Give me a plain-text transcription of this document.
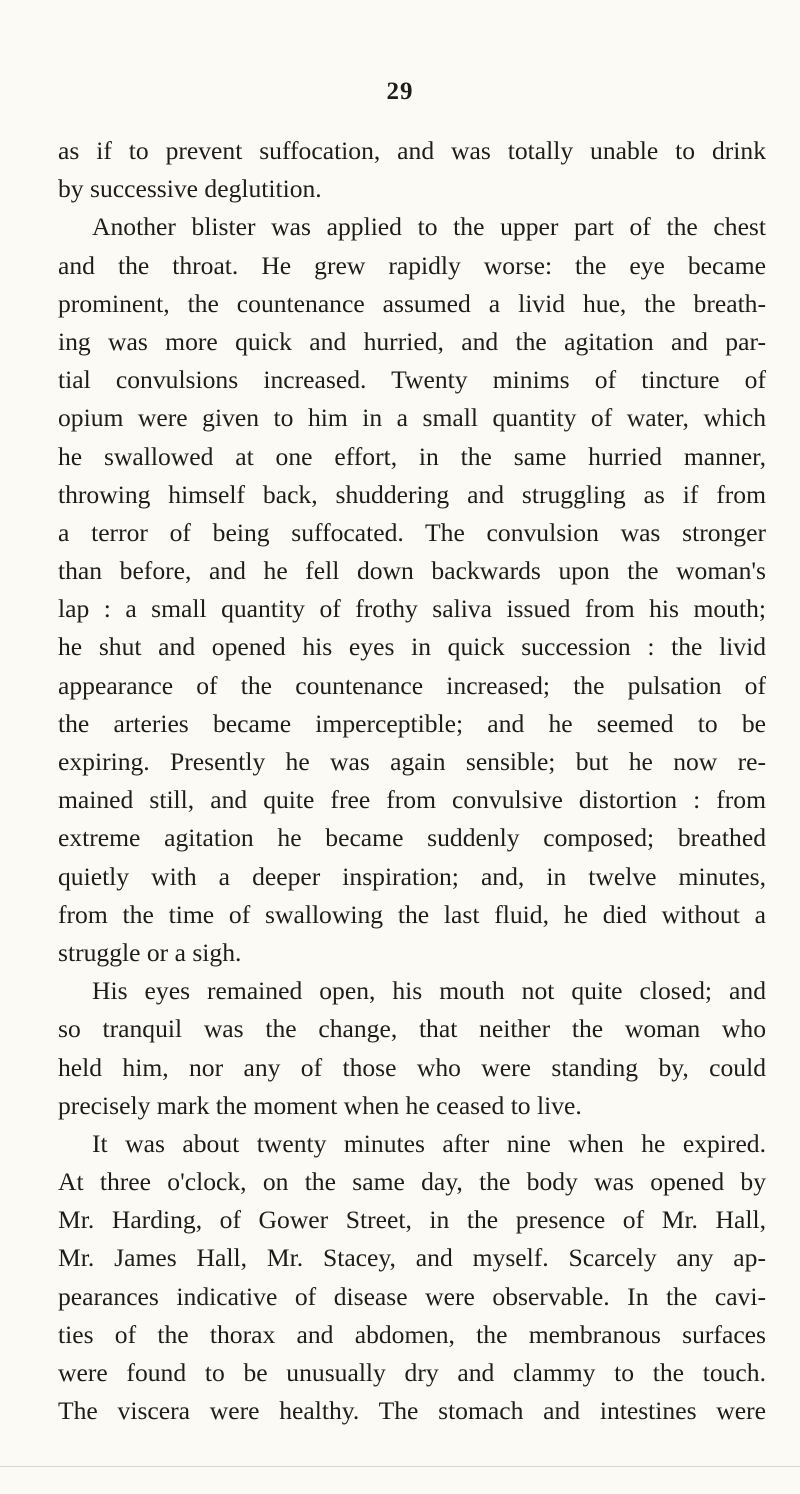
29
as if to prevent suffocation, and was totally unable to drink
by successive deglutition.
Another blister was applied to the upper part of the chest
and the throat. He grew rapidly worse: the eye became
prominent, the countenance assumed a livid hue, the breath-
ing was more quick and hurried, and the agitation and par-
tial convulsions increased. Twenty minims of tincture of
opium were given to him in a small quantity of water, which
he swallowed at one effort, in the same hurried manner,
throwing himself back, shuddering and struggling as if from
a terror of being suffocated. The convulsion was stronger
than before, and he fell down backwards upon the woman's
lap : a small quantity of frothy saliva issued from his mouth;
he shut and opened his eyes in quick succession : the livid
appearance of the countenance increased; the pulsation of
the arteries became imperceptible; and he seemed to be
expiring. Presently he was again sensible; but he now re-
mained still, and quite free from convulsive distortion : from
extreme agitation he became suddenly composed; breathed
quietly with a deeper inspiration; and, in twelve minutes,
from the time of swallowing the last fluid, he died without a
struggle or a sigh.
His eyes remained open, his mouth not quite closed; and
so tranquil was the change, that neither the woman who
held him, nor any of those who were standing by, could
precisely mark the moment when he ceased to live.
It was about twenty minutes after nine when he expired.
At three o'clock, on the same day, the body was opened by
Mr. Harding, of Gower Street, in the presence of Mr. Hall,
Mr. James Hall, Mr. Stacey, and myself. Scarcely any ap-
pearances indicative of disease were observable. In the cavi-
ties of the thorax and abdomen, the membranous surfaces
were found to be unusually dry and clammy to the touch.
The viscera were healthy. The stomach and intestines were
